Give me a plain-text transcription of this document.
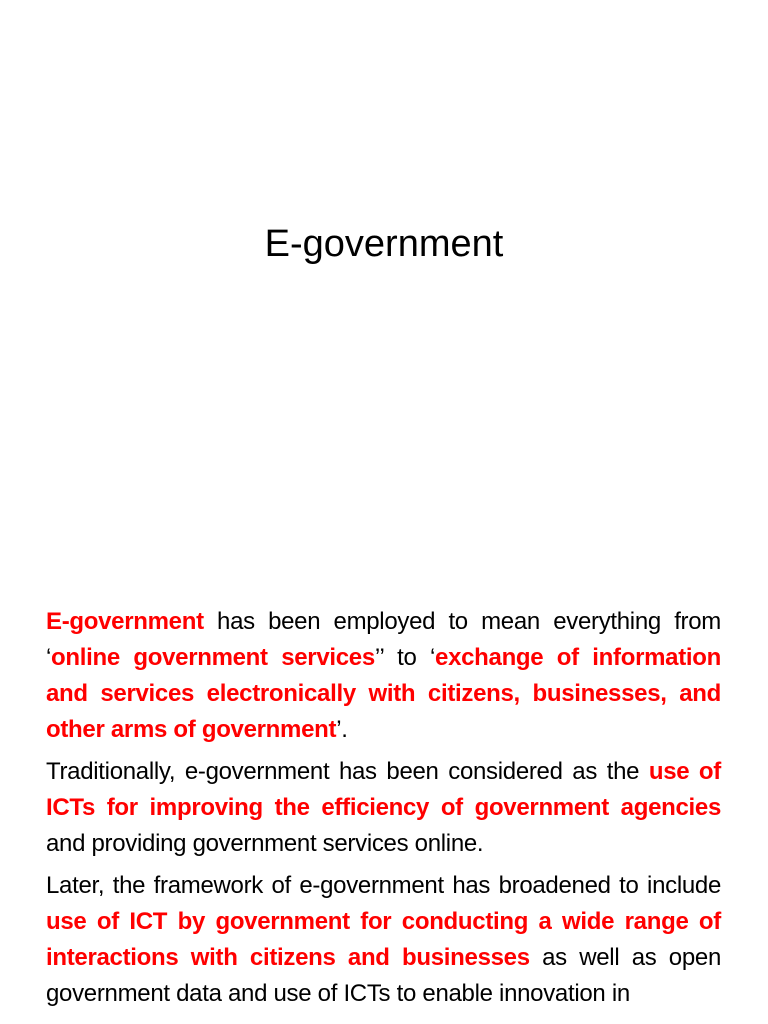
E-government

E-government has been employed to mean everything from ‘online government services’’ to ‘exchange of information and services electronically with citizens, businesses, and other arms of government’.

Traditionally, e-government has been considered as the use of ICTs for improving the efficiency of government agencies and providing government services online.

Later, the framework of e-government has broadened to include use of ICT by government for conducting a wide range of interactions with citizens and businesses as well as open government data and use of ICTs to enable innovation in
